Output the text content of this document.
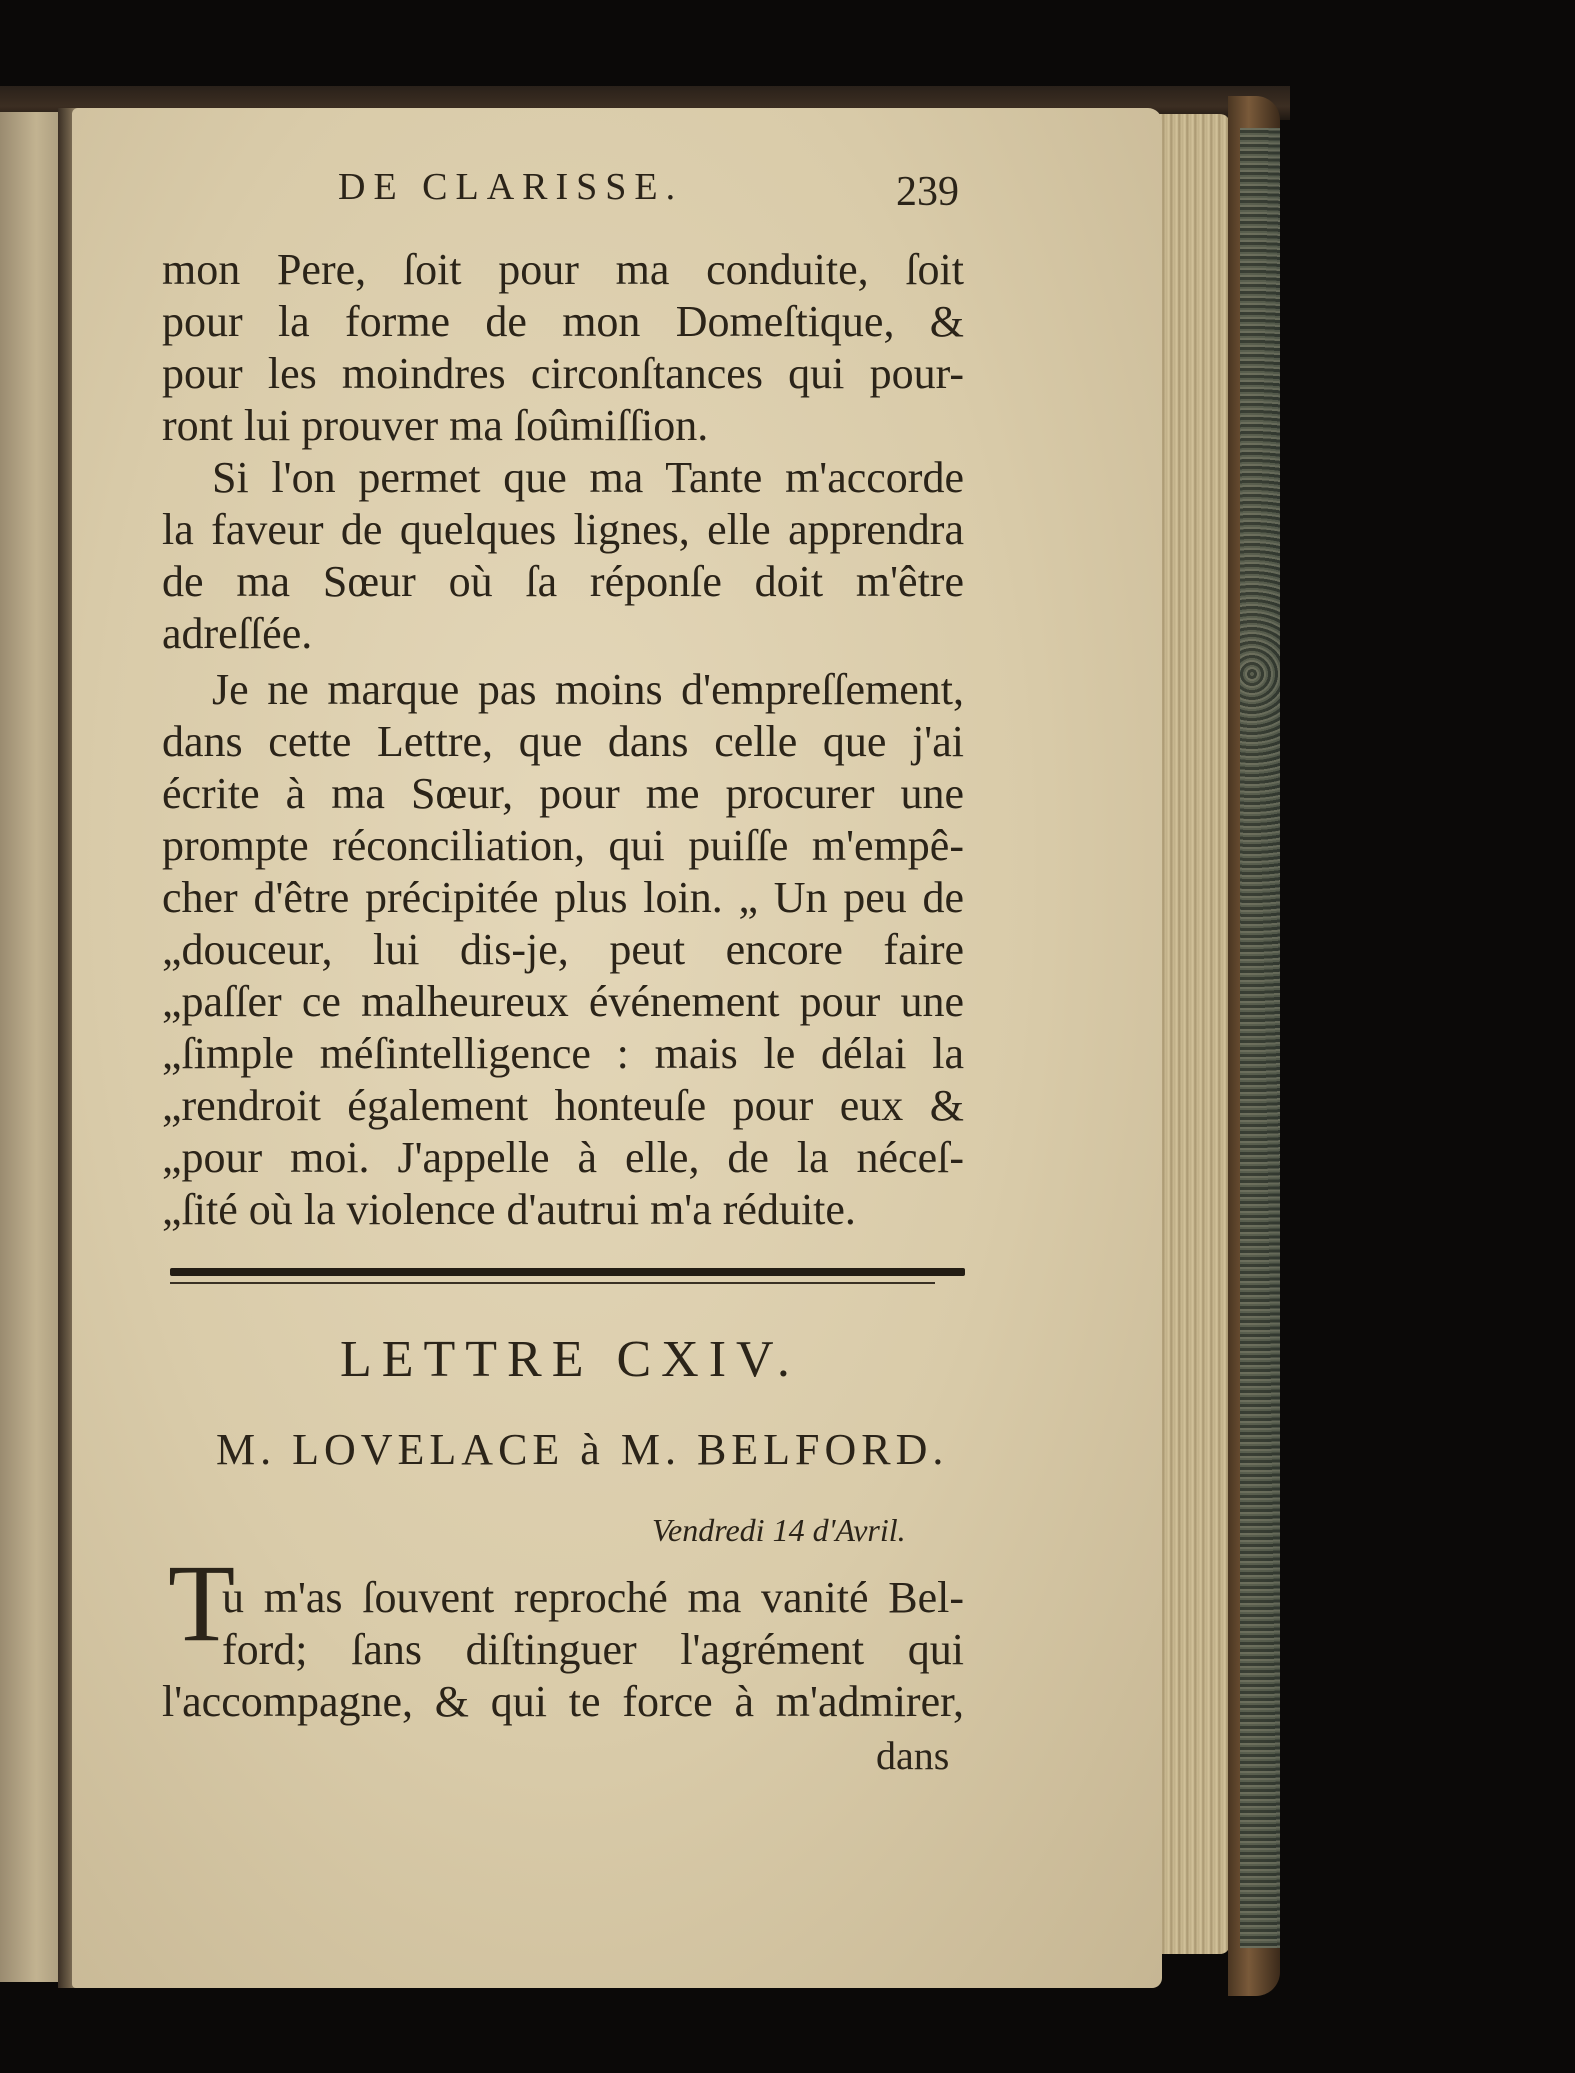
DE CLARISSE.	239

mon Pere, ſoit pour ma conduite, ſoit

pour la forme de mon Domeſtique, &

pour les moindres circonſtances qui pour-

ront lui prouver ma ſoûmiſſion.

Si l'on permet que ma Tante m'accorde

la faveur de quelques lignes, elle apprendra

de ma Sœur où ſa réponſe doit m'être

adreſſée.

Je ne marque pas moins d'empreſſement,

dans cette Lettre, que dans celle que j'ai

écrite à ma Sœur, pour me procurer une

prompte réconciliation, qui puiſſe m'empê-

cher d'être précipitée plus loin. „ Un peu de

„douceur, lui dis-je, peut encore faire

„paſſer ce malheureux événement pour une

„ſimple méſintelligence : mais le délai la

„rendroit également honteuſe pour eux &

„pour moi. J'appelle à elle, de la néceſ-

„ſité où la violence d'autrui m'a réduite.

LETTRE CXIV.

M. LOVELACE à M. BELFORD.

Vendredi 14 d'Avril.

T

u m'as ſouvent reproché ma vanité Bel-

ford; ſans diſtinguer l'agrément qui

l'accompagne, & qui te force à m'admirer,

dans
